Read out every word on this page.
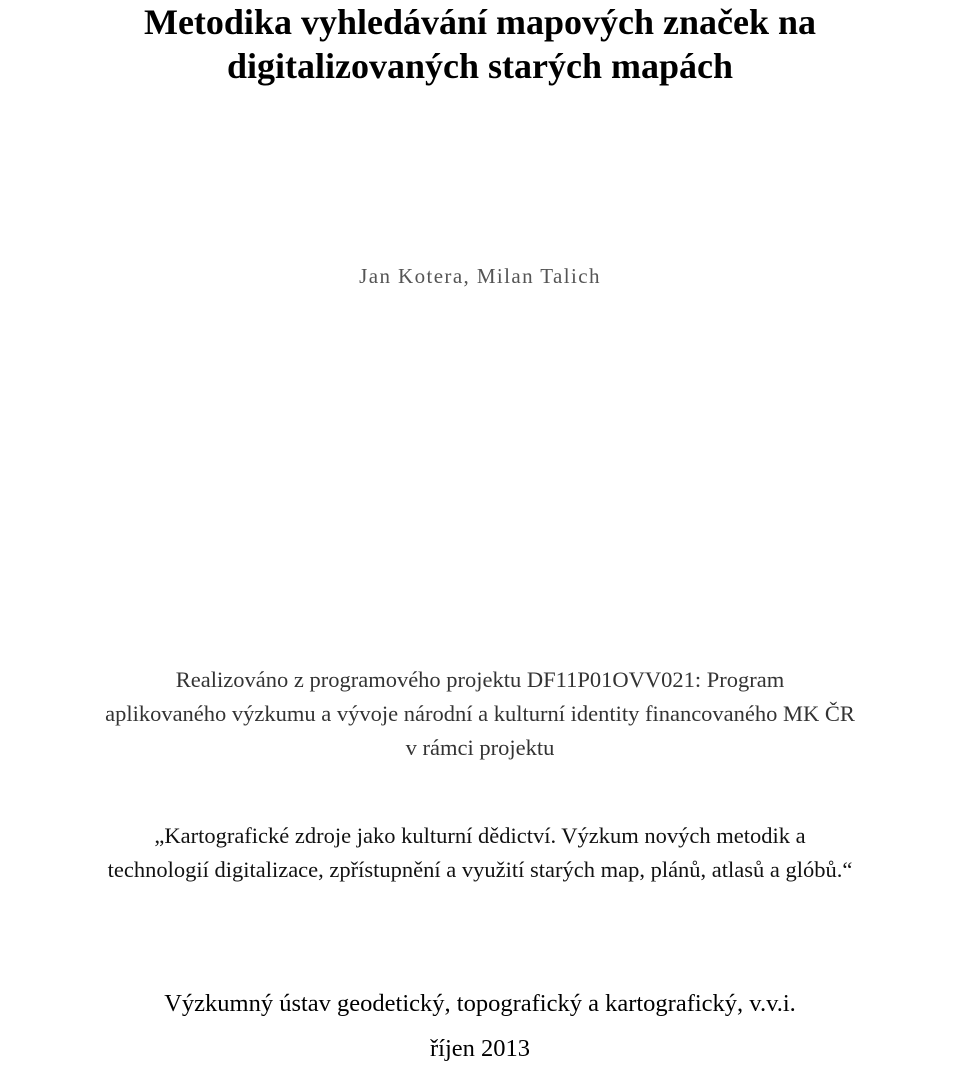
Metodika vyhledávání mapových značek na
digitalizovaných starých mapách
Jan Kotera, Milan Talich
Realizováno z programového projektu DF11P01OVV021: Program
aplikovaného výzkumu a vývoje národní a kulturní identity financovaného MK ČR
v rámci projektu
„Kartografické zdroje jako kulturní dědictví. Výzkum nových metodik a
technologií digitalizace, zpřístupnění a využití starých map, plánů, atlasů a glóbů.“
Výzkumný ústav geodetický, topografický a kartografický, v.v.i.
říjen 2013
